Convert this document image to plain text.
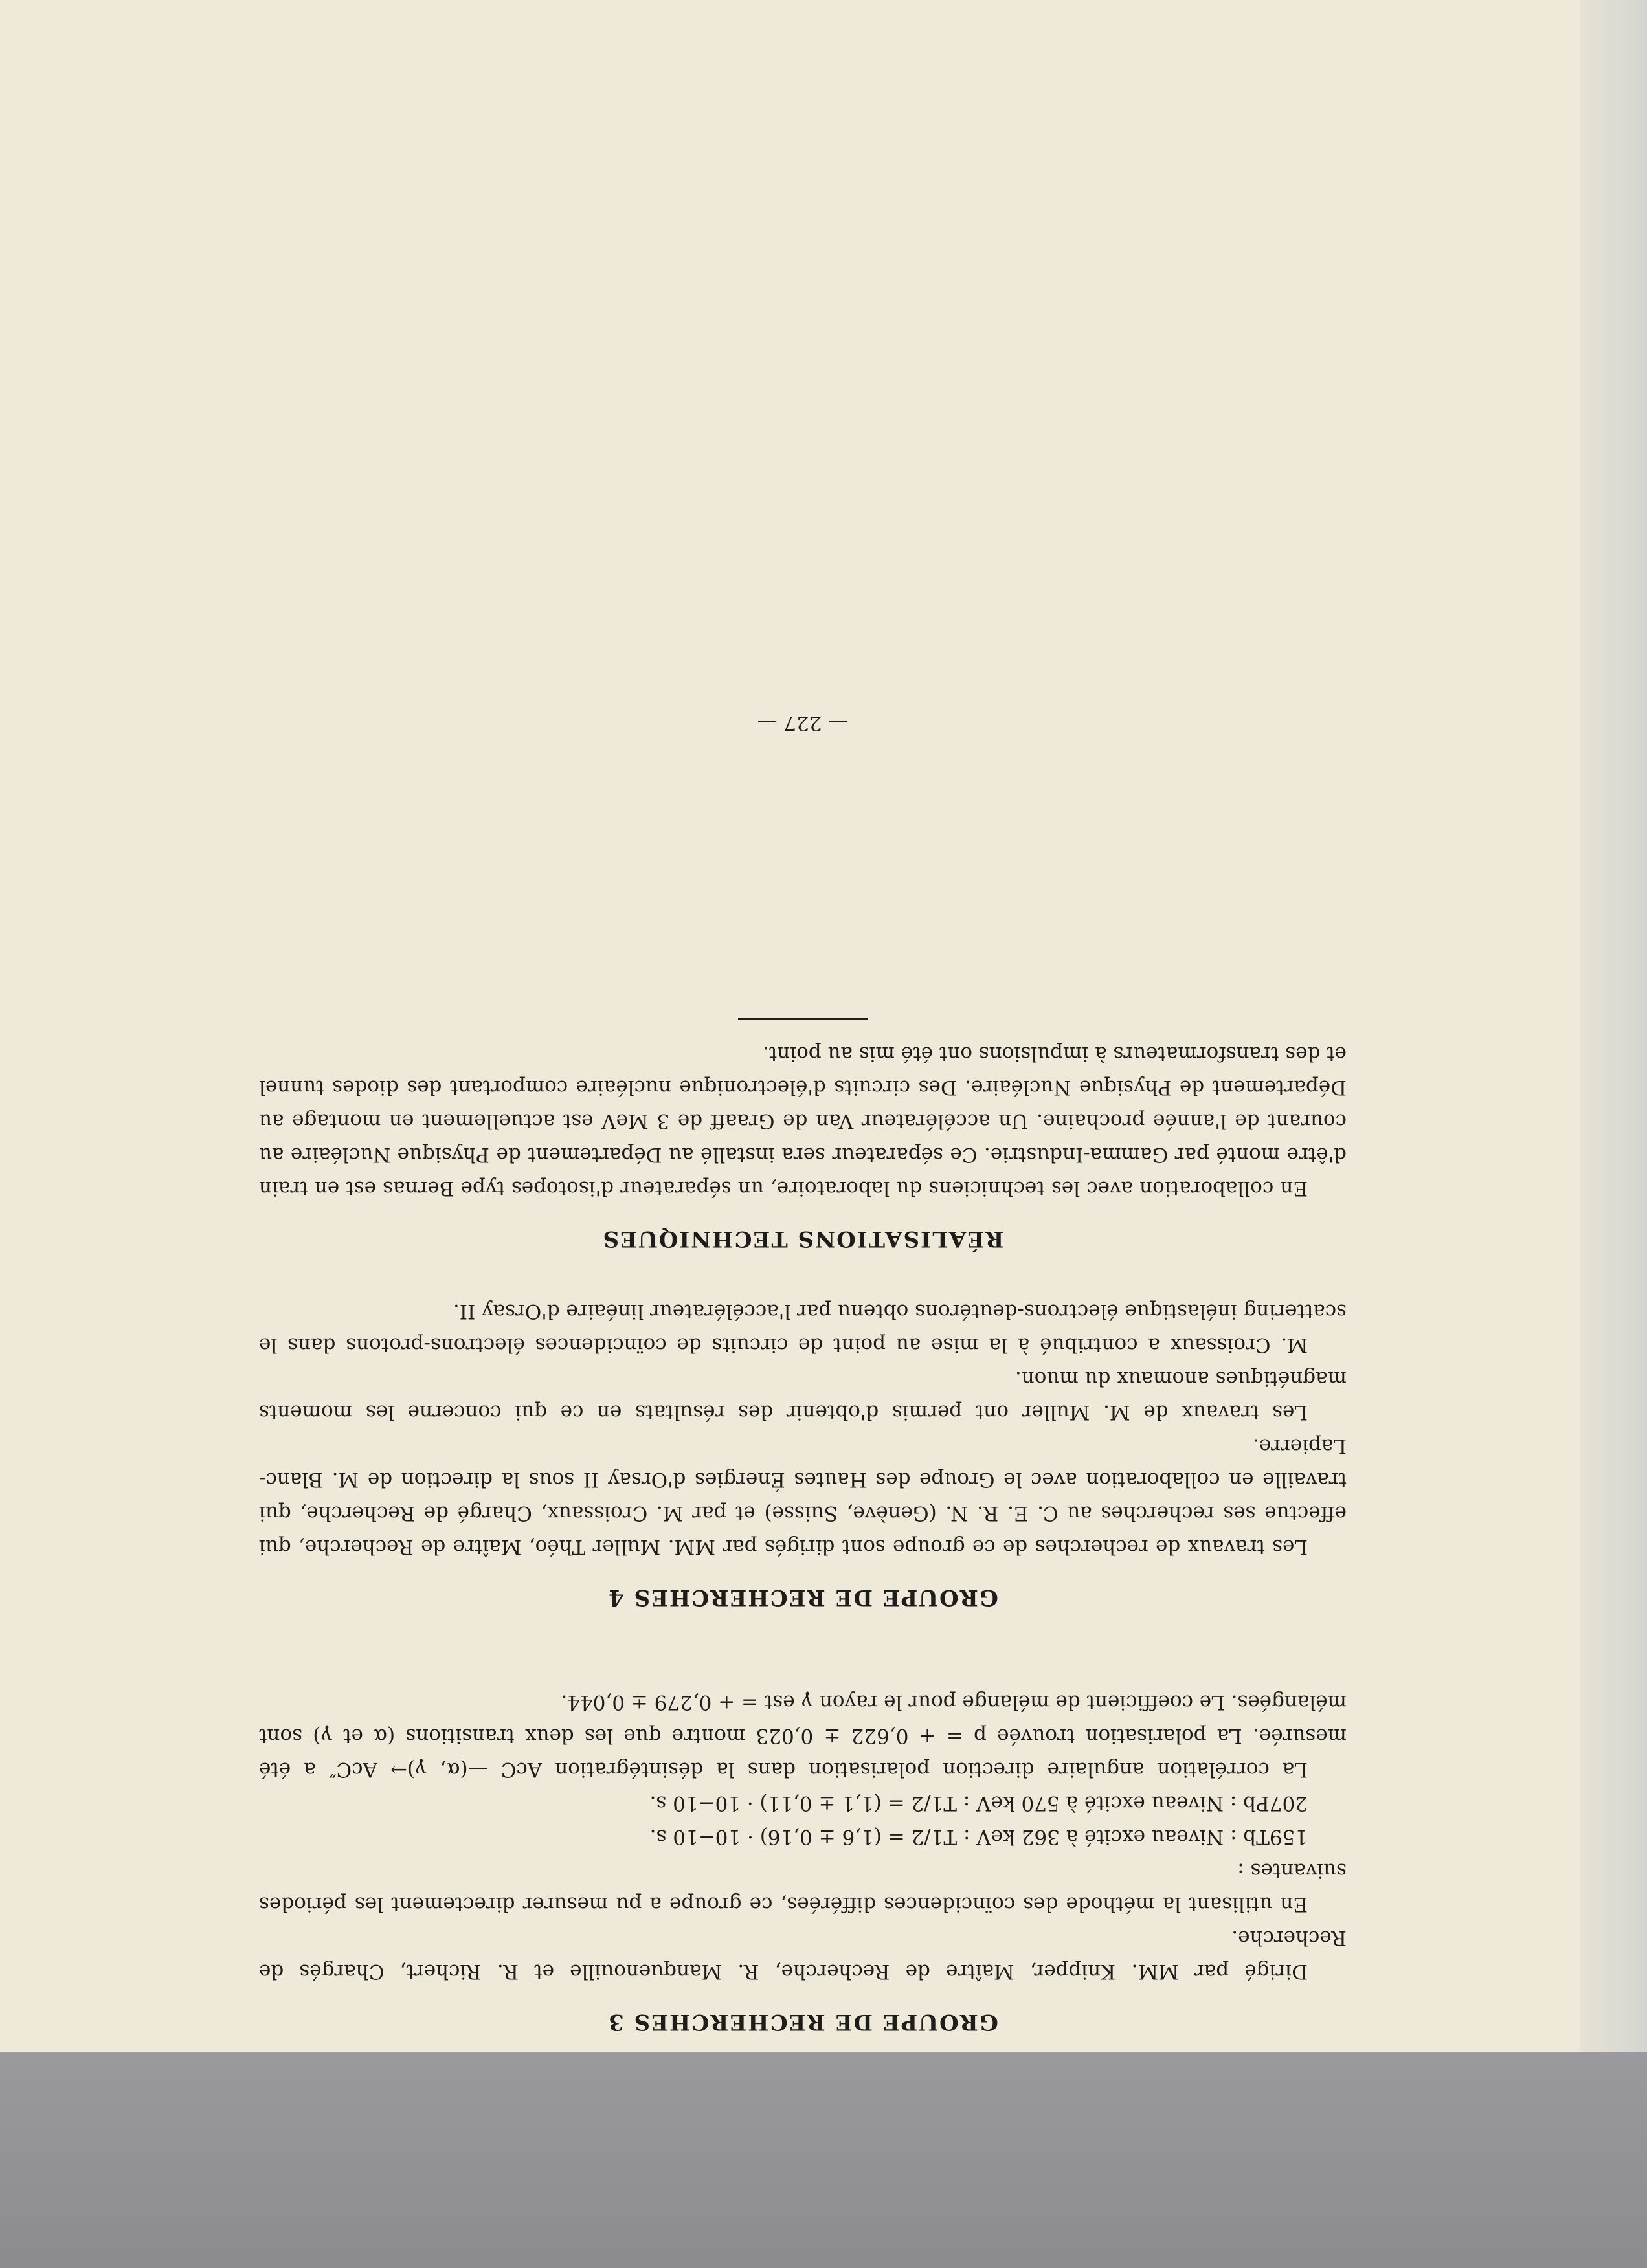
GROUPE DE RECHERCHES 3

Dirigé par MM. Knipper, Maître de Recherche, R. Manquenouille et R. Richert, Chargés de Recherche.

En utilisant la méthode des coïncidences différées, ce groupe a pu mesurer directement les périodes suivantes :

159Tb : Niveau excité à 362 keV : T1/2 = (1,6 ± 0,16) · 10−10 s.

207Pb : Niveau excité à 570 keV : T1/2 = (1,1 ± 0,11) · 10−10 s.

La corrélation angulaire direction polarisation dans la désintégration AcC —(α, γ)→ AcC″ a été mesurée. La polarisation trouvée p = + 0,622 ± 0,023 montre que les deux transitions (α et γ) sont mélangées. Le coefficient de mélange pour le rayon γ est = + 0,279 ± 0,044.

GROUPE DE RECHERCHES 4

Les travaux de recherches de ce groupe sont dirigés par MM. Muller Théo, Maître de Recherche, qui effectue ses recherches au C. E. R. N. (Genève, Suisse) et par M. Croissaux, Chargé de Recherche, qui travaille en collaboration avec le Groupe des Hautes Énergies d'Orsay II sous la direction de M. Blanc-Lapierre.

Les travaux de M. Muller ont permis d'obtenir des résultats en ce qui concerne les moments magnétiques anomaux du muon.

M. Croissaux a contribué à la mise au point de circuits de coïncidences électrons-protons dans le scattering inélastique électrons-deutérons obtenu par l'accélérateur linéaire d'Orsay II.

RÉALISATIONS TECHNIQUES

En collaboration avec les techniciens du laboratoire, un séparateur d'isotopes type Bernas est en train d'être monté par Gamma-Industrie. Ce séparateur sera installé au Département de Physique Nucléaire au courant de l'année prochaine. Un accélérateur Van de Graaff de 3 MeV est actuellement en montage au Département de Physique Nucléaire. Des circuits d'électronique nucléaire comportant des diodes tunnel et des transformateurs à impulsions ont été mis au point.

— 227 —
